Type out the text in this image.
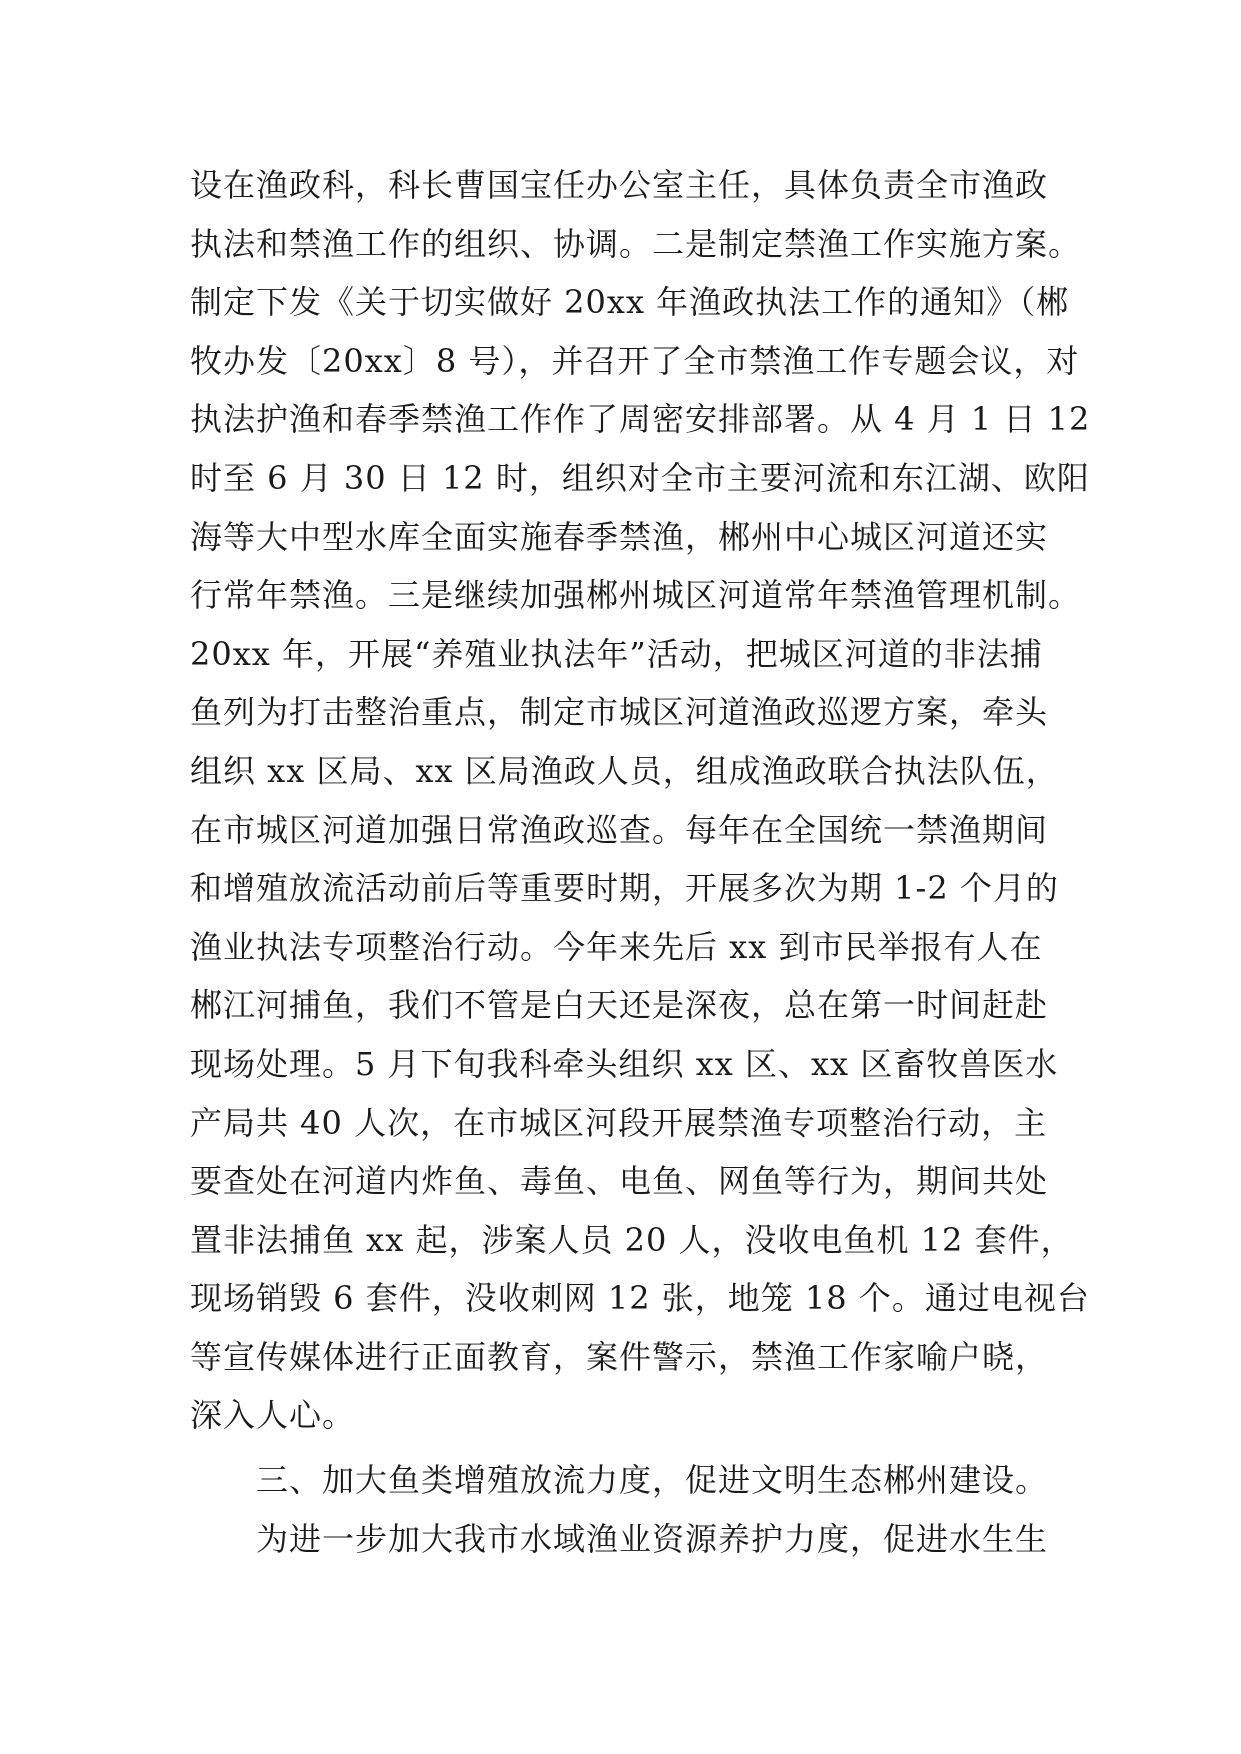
设在渔政科，科长曹国宝任办公室主任，具体负责全市渔政
执法和禁渔工作的组织、协调。二是制定禁渔工作实施方案。
制定下发《关于切实做好 20xx 年渔政执法工作的通知》（郴
牧办发〔20xx〕8 号），并召开了全市禁渔工作专题会议，对
执法护渔和春季禁渔工作作了周密安排部署。从 4 月 1 日 12
时至 6 月 30 日 12 时，组织对全市主要河流和东江湖、欧阳
海等大中型水库全面实施春季禁渔，郴州中心城区河道还实
行常年禁渔。三是继续加强郴州城区河道常年禁渔管理机制。
20xx 年，开展“养殖业执法年”活动，把城区河道的非法捕
鱼列为打击整治重点，制定市城区河道渔政巡逻方案，牵头
组织 xx 区局、xx 区局渔政人员，组成渔政联合执法队伍，
在市城区河道加强日常渔政巡查。每年在全国统一禁渔期间
和增殖放流活动前后等重要时期，开展多次为期 1-2 个月的
渔业执法专项整治行动。今年来先后 xx 到市民举报有人在
郴江河捕鱼，我们不管是白天还是深夜，总在第一时间赶赴
现场处理。5 月下旬我科牵头组织 xx 区、xx 区畜牧兽医水
产局共 40 人次，在市城区河段开展禁渔专项整治行动，主
要查处在河道内炸鱼、毒鱼、电鱼、网鱼等行为，期间共处
置非法捕鱼 xx 起，涉案人员 20 人，没收电鱼机 12 套件，
现场销毁 6 套件，没收刺网 12 张，地笼 18 个。通过电视台
等宣传媒体进行正面教育，案件警示，禁渔工作家喻户晓，
深入人心。
三、加大鱼类增殖放流力度，促进文明生态郴州建设。
为进一步加大我市水域渔业资源养护力度，促进水生生
